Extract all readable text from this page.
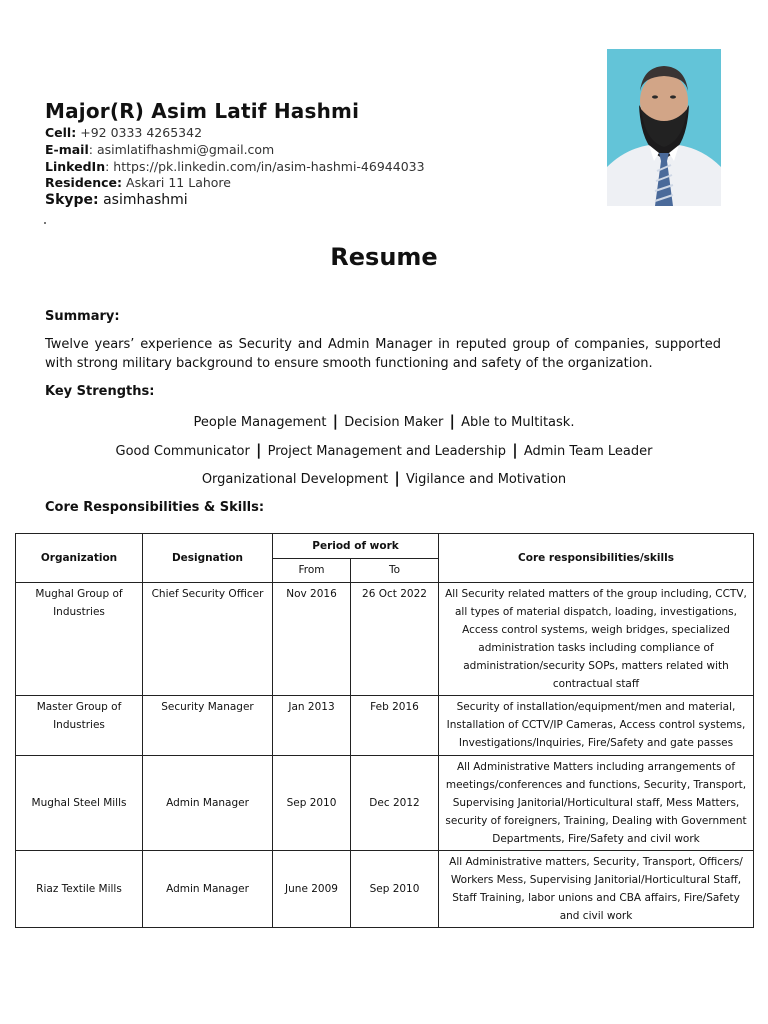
Major(R) Asim Latif Hashmi
Cell: +92 0333 4265342
E-mail: asimlatifhashmi@gmail.com
LinkedIn: https://pk.linkedin.com/in/asim-hashmi-46944033
Residence: Askari 11 Lahore
Skype: asimhashmi
Resume
Summary:
Twelve years’ experience as Security and Admin Manager in reputed group of companies, supported with strong military background to ensure smooth functioning and safety of the organization.
Key Strengths:
People Management | Decision Maker | Able to Multitask.
Good Communicator | Project Management and Leadership | Admin Team Leader
Organizational Development | Vigilance and Motivation
Core Responsibilities & Skills:
Organization	Designation	Period of work		Core responsibilities/skills
		From	To	
Mughal Group of Industries	Chief Security Officer	Nov 2016	26 Oct 2022	All Security related matters of the group including, CCTV, all types of material dispatch, loading, investigations, Access control systems, weigh bridges, specialized administration tasks including compliance of administration/security SOPs, matters related with contractual staff
Master Group of Industries	Security Manager	Jan 2013	Feb 2016	Security of installation/equipment/men and material, Installation of CCTV/IP Cameras, Access control systems, Investigations/Inquiries, Fire/Safety and gate passes
Mughal Steel Mills	Admin Manager	Sep 2010	Dec 2012	All Administrative Matters including arrangements of meetings/conferences and functions, Security, Transport, Supervising Janitorial/Horticultural staff, Mess Matters, security of foreigners, Training, Dealing with Government Departments, Fire/Safety and civil work
Riaz Textile Mills	Admin Manager	June 2009	Sep 2010	All Administrative matters, Security, Transport, Officers/ Workers Mess, Supervising Janitorial/Horticultural Staff, Staff Training, labor unions and CBA affairs, Fire/Safety and civil work
